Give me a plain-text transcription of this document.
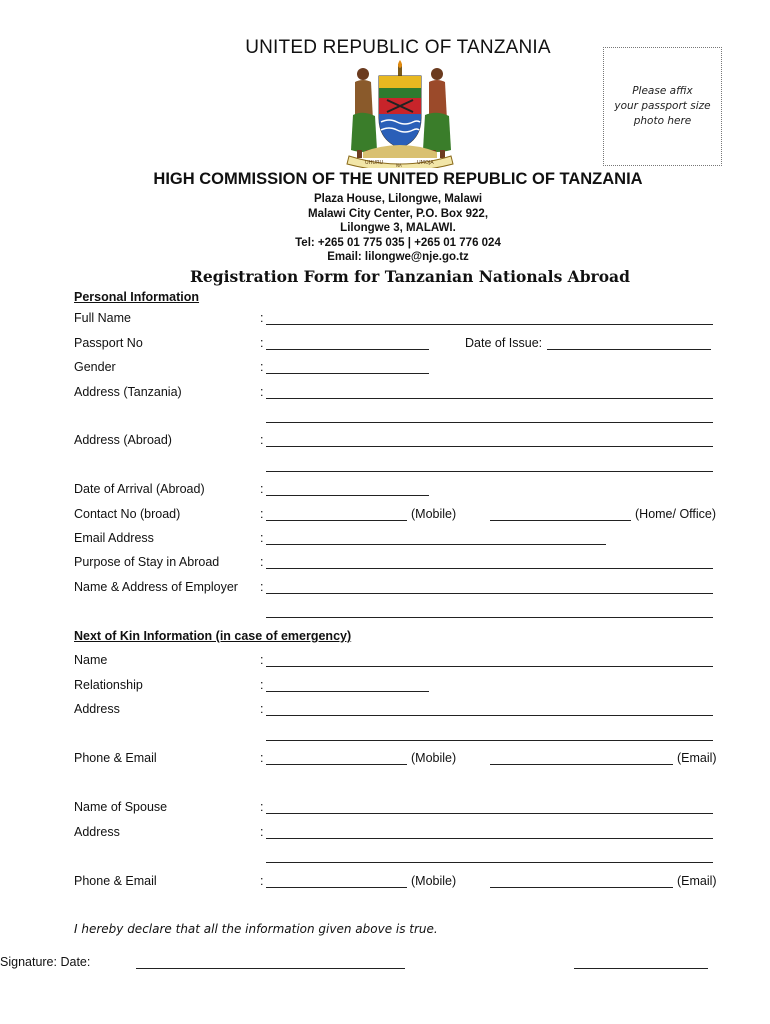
UNITED REPUBLIC OF TANZANIA
Please affix
your passport size
photo here
UHURU	NA	UMOJA
HIGH COMMISSION OF THE UNITED REPUBLIC OF TANZANIA
Plaza House, Lilongwe, Malawi
Malawi City Center, P.O. Box 922,
Lilongwe 3, MALAWI.
Tel: +265 01 775 035 | +265 01 776 024
Email: lilongwe@nje.go.tz
Registration Form for Tanzanian Nationals Abroad
Personal Information
Full Name	:
Passport No	:	Date of Issue:
Gender	:
Address (Tanzania)	:
Address (Abroad)	:
Date of Arrival (Abroad)	:
Contact No (broad)	:	(Mobile)	(Home/ Office)
Email Address	:
Purpose of Stay in Abroad	:
Name & Address of Employer :
Next of Kin Information (in case of emergency)
Name	:
Relationship	:
Address	:
Phone & Email	:	(Mobile)	(Email)
Name of Spouse	:
Address	:
Phone & Email	:	(Mobile)	(Email)
I hereby declare that all the information given above is true.
Signature: Date:
